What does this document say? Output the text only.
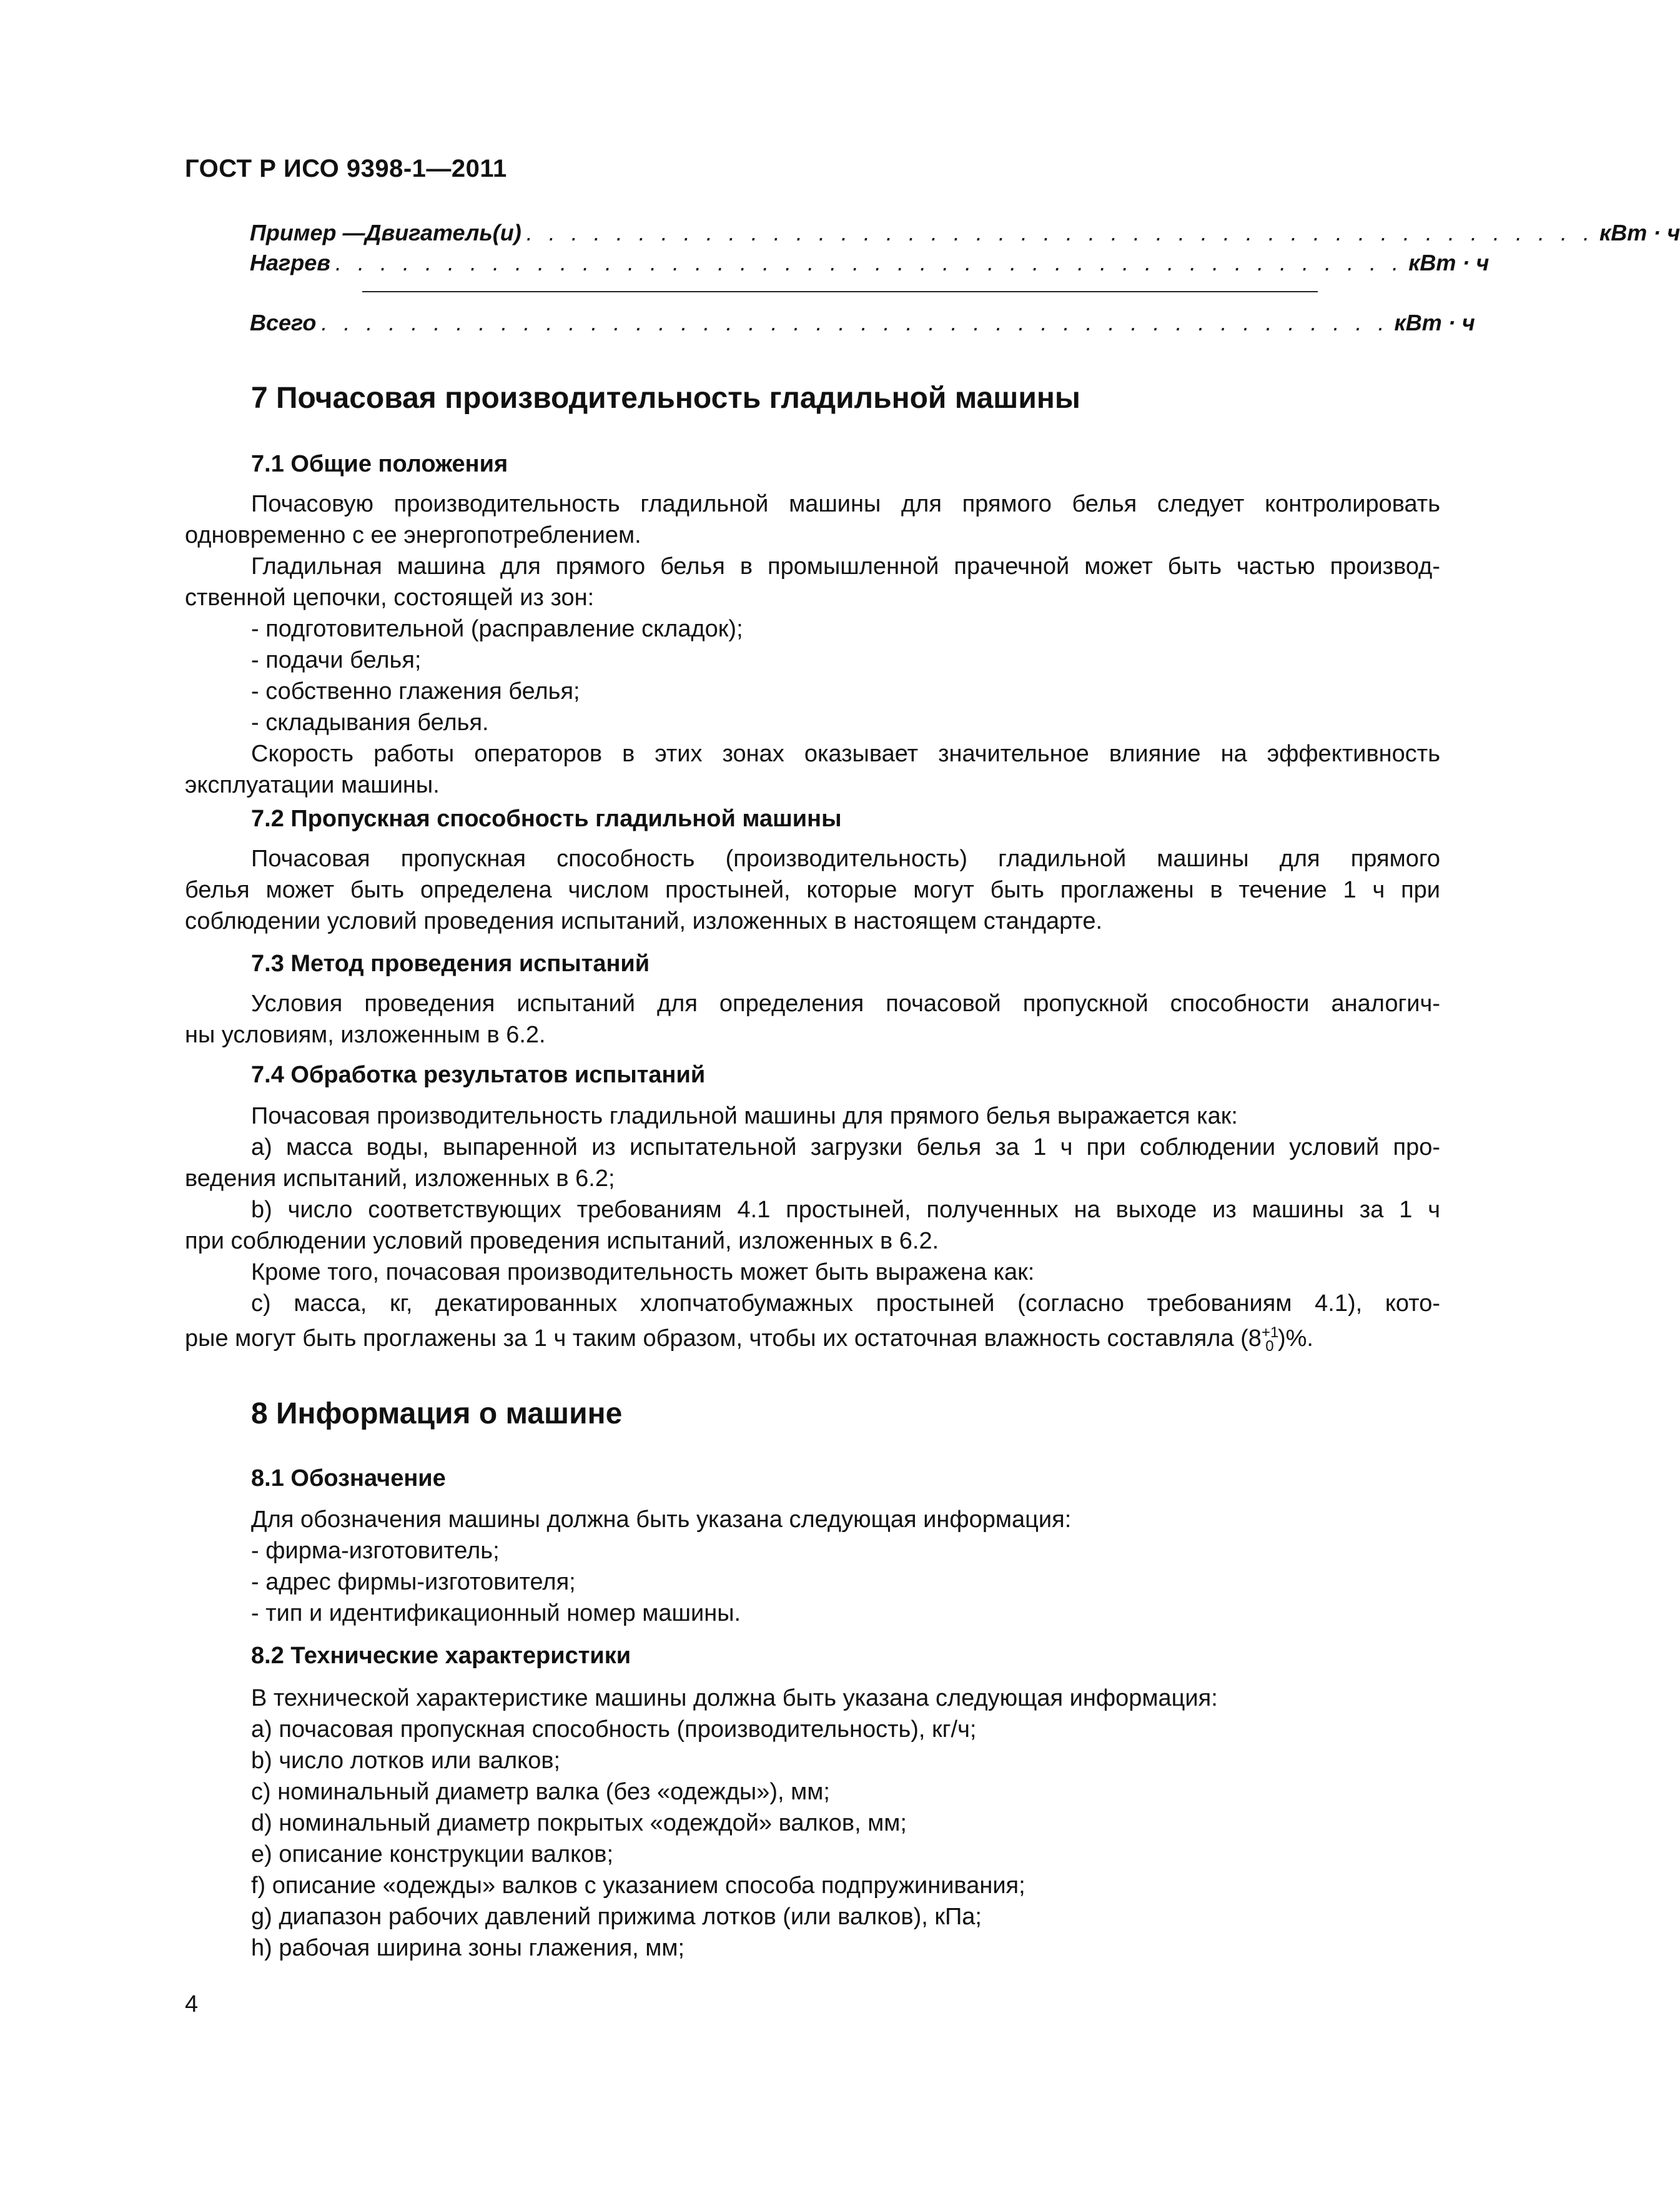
ГОСТ Р ИСО 9398-1—2011
Пример — Двигатель(и) . . . . . . . . . . . . . . . . . . . . . . . . . . . . . . . . . . . . . . . . . . . . . . . . кВт · ч
Нагрев . . . . . . . . . . . . . . . . . . . . . . . . . . . . . . . . . . . . . . . . . . . . . . . . кВт · ч
Всего . . . . . . . . . . . . . . . . . . . . . . . . . . . . . . . . . . . . . . . . . . . . . . . . кВт · ч
7 Почасовая производительность гладильной машины
7.1 Общие положения
Почасовую производительность гладильной машины для прямого белья следует контролировать
одновременно с ее энергопотреблением.
Гладильная машина для прямого белья в промышленной прачечной может быть частью производ-
ственной цепочки, состоящей из зон:
- подготовительной (расправление складок);
- подачи белья;
- собственно глажения белья;
- складывания белья.
Скорость работы операторов в этих зонах оказывает значительное влияние на эффективность
эксплуатации машины.
7.2 Пропускная способность гладильной машины
Почасовая пропускная способность (производительность) гладильной машины для прямого
белья может быть определена числом простыней, которые могут быть проглажены в течение 1 ч при
соблюдении условий проведения испытаний, изложенных в настоящем стандарте.
7.3 Метод проведения испытаний
Условия проведения испытаний для определения почасовой пропускной способности аналогич-
ны условиям, изложенным в 6.2.
7.4 Обработка результатов испытаний
Почасовая производительность гладильной машины для прямого белья выражается как:
a) масса воды, выпаренной из испытательной загрузки белья за 1 ч при соблюдении условий про-
ведения испытаний, изложенных в 6.2;
b) число соответствующих требованиям 4.1 простыней, полученных на выходе из машины за 1 ч
при соблюдении условий проведения испытаний, изложенных в 6.2.
Кроме того, почасовая производительность может быть выражена как:
c) масса, кг, декатированных хлопчатобумажных простыней (согласно требованиям 4.1), кото-
рые могут быть проглажены за 1 ч таким образом, чтобы их остаточная влажность составляла (8 +1
0 )%.
8 Информация о машине
8.1 Обозначение
Для обозначения машины должна быть указана следующая информация:
- фирма-изготовитель;
- адрес фирмы-изготовителя;
- тип и идентификационный номер машины.
8.2 Технические характеристики
В технической характеристике машины должна быть указана следующая информация:
a) почасовая пропускная способность (производительность), кг/ч;
b) число лотков или валков;
c) номинальный диаметр валка (без «одежды»), мм;
d) номинальный диаметр покрытых «одеждой» валков, мм;
e) описание конструкции валков;
f) описание «одежды» валков с указанием способа подпружинивания;
g) диапазон рабочих давлений прижима лотков (или валков), кПа;
h) рабочая ширина зоны глажения, мм;
4
